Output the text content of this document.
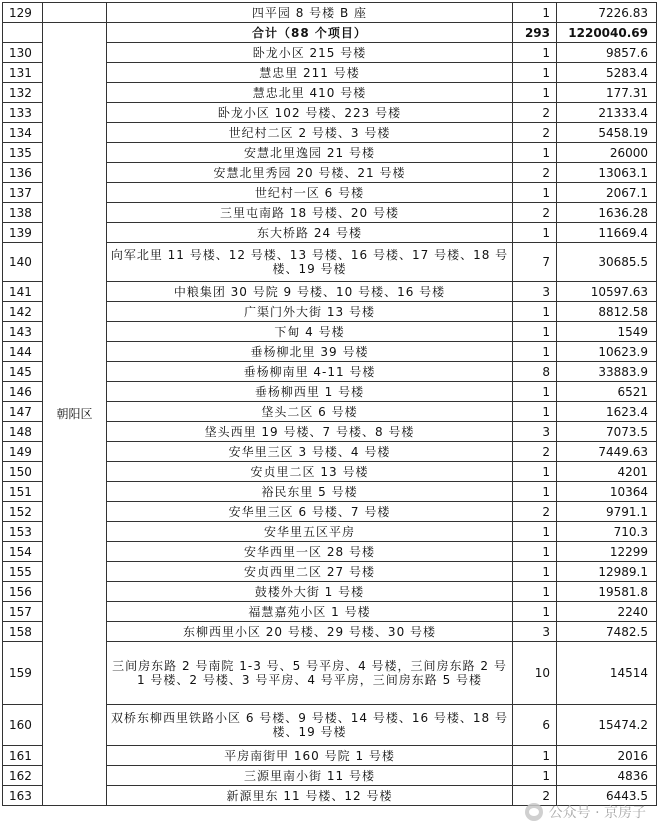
129		四平园 8 号楼 B 座	1	7226.83
	朝阳区	合计（88 个项目）	293	1220040.69
130		卧龙小区 215 号楼	1	9857.6
131		慧忠里 211 号楼	1	5283.4
132		慧忠北里 410 号楼	1	177.31
133		卧龙小区 102 号楼、223 号楼	2	21333.4
134		世纪村二区 2 号楼、3 号楼	2	5458.19
135		安慧北里逸园 21 号楼	1	26000
136		安慧北里秀园 20 号楼、21 号楼	2	13063.1
137		世纪村一区 6 号楼	1	2067.1
138		三里屯南路 18 号楼、20 号楼	2	1636.28
139		东大桥路 24 号楼	1	11669.4
140		向军北里 11 号楼、12 号楼、13 号楼、16 号楼、17 号楼、18 号楼、19 号楼	7	30685.5
141		中粮集团 30 号院 9 号楼、10 号楼、16 号楼	3	10597.63
142		广渠门外大街 13 号楼	1	8812.58
143		下甸 4 号楼	1	1549
144		垂杨柳北里 39 号楼	1	10623.9
145		垂杨柳南里 4-11 号楼	8	33883.9
146		垂杨柳西里 1 号楼	1	6521
147		垡头二区 6 号楼	1	1623.4
148		垡头西里 19 号楼、7 号楼、8 号楼	3	7073.5
149		安华里三区 3 号楼、4 号楼	2	7449.63
150		安贞里二区 13 号楼	1	4201
151		裕民东里 5 号楼	1	10364
152		安华里三区 6 号楼、7 号楼	2	9791.1
153		安华里五区平房	1	710.3
154		安华西里一区 28 号楼	1	12299
155		安贞西里二区 27 号楼	1	12989.1
156		鼓楼外大街 1 号楼	1	19581.8
157		福慧嘉苑小区 1 号楼	1	2240
158		东柳西里小区 20 号楼、29 号楼、30 号楼	3	7482.5
159		三间房东路 2 号南院 1-3 号、5 号平房、4 号楼，三间房东路 2 号 1 号楼、2 号楼、3 号平房、4 号平房，三间房东路 5 号楼	10	14514
160		双桥东柳西里铁路小区 6 号楼、9 号楼、14 号楼、16 号楼、18 号楼、19 号楼	6	15474.2
161		平房南街甲 160 号院 1 号楼	1	2016
162		三源里南小街 11 号楼	1	4836
163		新源里东 11 号楼、12 号楼	2	6443.5
公众号 · 京房子
